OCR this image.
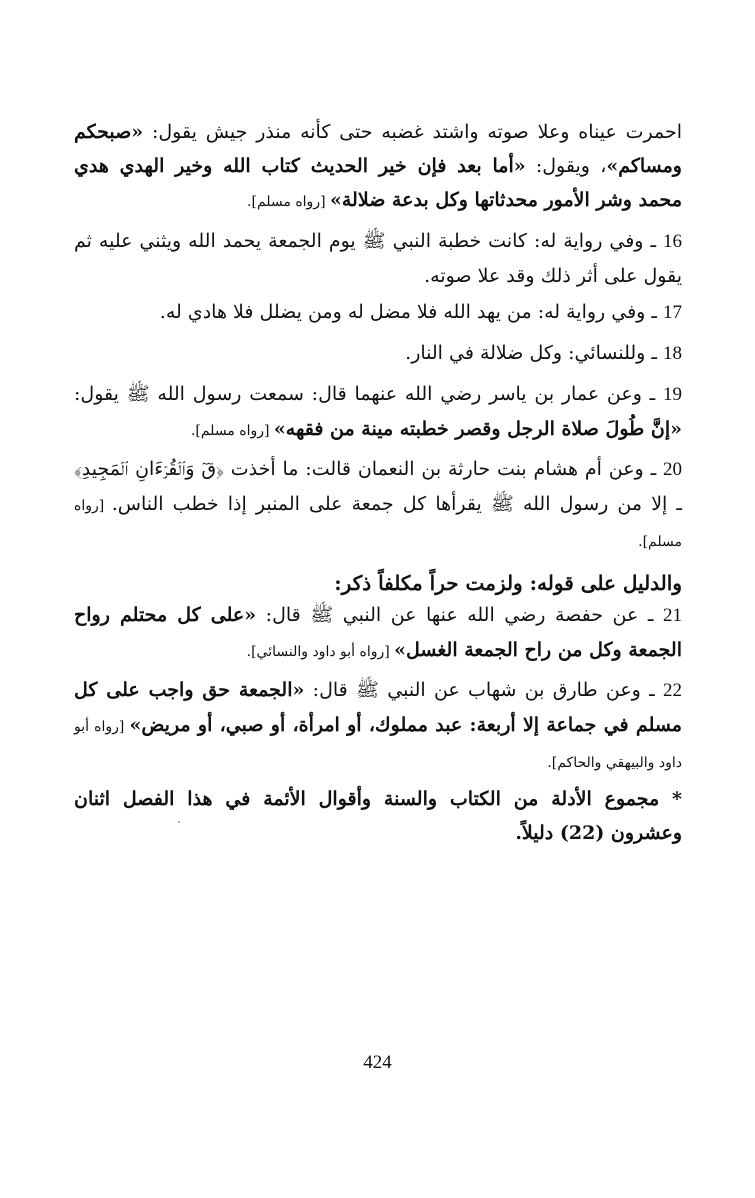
احمرت عيناه وعلا صوته واشتد غضبه حتى كأنه منذر جيش يقول: «صبحكم ومساكم»، ويقول: «أما بعد فإن خير الحديث كتاب الله وخير الهدي هدي محمد وشر الأمور محدثاتها وكل بدعة ضلالة» [رواه مسلم].

16 ـ وفي رواية له: كانت خطبة النبي ﷺ يوم الجمعة يحمد الله ويثني عليه ثم يقول على أثر ذلك وقد علا صوته.

17 ـ وفي رواية له: من يهد الله فلا مضل له ومن يضلل فلا هادي له.

18 ـ وللنسائي: وكل ضلالة في النار.

19 ـ وعن عمار بن ياسر رضي الله عنهما قال: سمعت رسول الله ﷺ يقول: «إنَّ طُولَ صلاة الرجل وقصر خطبته مينة من فقهه» [رواه مسلم].

20 ـ وعن أم هشام بنت حارثة بن النعمان قالت: ما أخذت ﴿قٓ وَٱلۡقُرۡءَانِ ٱلۡمَجِيدِ﴾ ـ إلا من رسول الله ﷺ يقرأها كل جمعة على المنبر إذا خطب الناس. [رواه مسلم].

والدليل على قوله: ولزمت حراً مكلفاً ذكر:

21 ـ عن حفصة رضي الله عنها عن النبي ﷺ قال: «على كل محتلم رواح الجمعة وكل من راح الجمعة الغسل» [رواه أبو داود والنسائي].

22 ـ وعن طارق بن شهاب عن النبي ﷺ قال: «الجمعة حق واجب على كل مسلم في جماعة إلا أربعة: عبد مملوك، أو امرأة، أو صبي، أو مريض» [رواه أبو داود والبيهقي والحاكم].

* مجموع الأدلة من الكتاب والسنة وأقوال الأئمة في هذا الفصل اثنان وعشرون (22) دليلاً.

424
